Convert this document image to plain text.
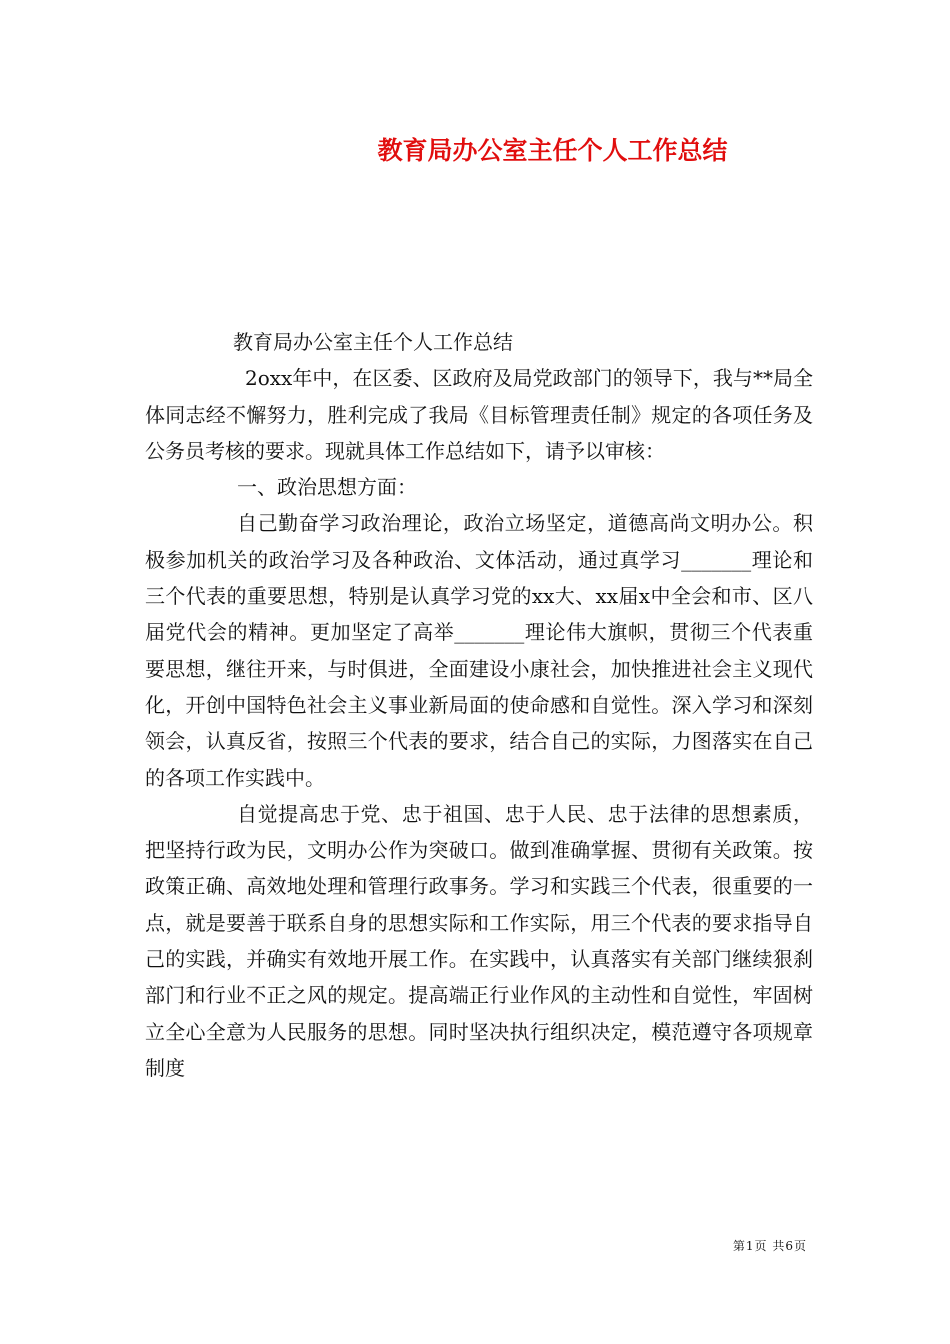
教育局办公室主任个人工作总结

教育局办公室主任个人工作总结

2oxx年中，在区委、区政府及局党政部门的领导下，我与**局全体同志经不懈努力，胜利完成了我局《目标管理责任制》规定的各项任务及公务员考核的要求。现就具体工作总结如下，请予以审核：

一、政治思想方面：

自己勤奋学习政治理论，政治立场坚定，道德高尚文明办公。积极参加机关的政治学习及各种政治、文体活动，通过真学习_______理论和三个代表的重要思想，特别是认真学习党的xx大、xx届x中全会和市、区八届党代会的精神。更加坚定了高举_______理论伟大旗帜，贯彻三个代表重要思想，继往开来，与时俱进，全面建设小康社会，加快推进社会主义现代化，开创中国特色社会主义事业新局面的使命感和自觉性。深入学习和深刻领会，认真反省，按照三个代表的要求，结合自己的实际，力图落实在自己的各项工作实践中。

自觉提高忠于党、忠于祖国、忠于人民、忠于法律的思想素质，把坚持行政为民，文明办公作为突破口。做到准确掌握、贯彻有关政策。按政策正确、高效地处理和管理行政事务。学习和实践三个代表，很重要的一点，就是要善于联系自身的思想实际和工作实际，用三个代表的要求指导自己的实践，并确实有效地开展工作。在实践中，认真落实有关部门继续狠刹部门和行业不正之风的规定。提高端正行业作风的主动性和自觉性，牢固树立全心全意为人民服务的思想。同时坚决执行组织决定，模范遵守各项规章制度

第1页 共6页
